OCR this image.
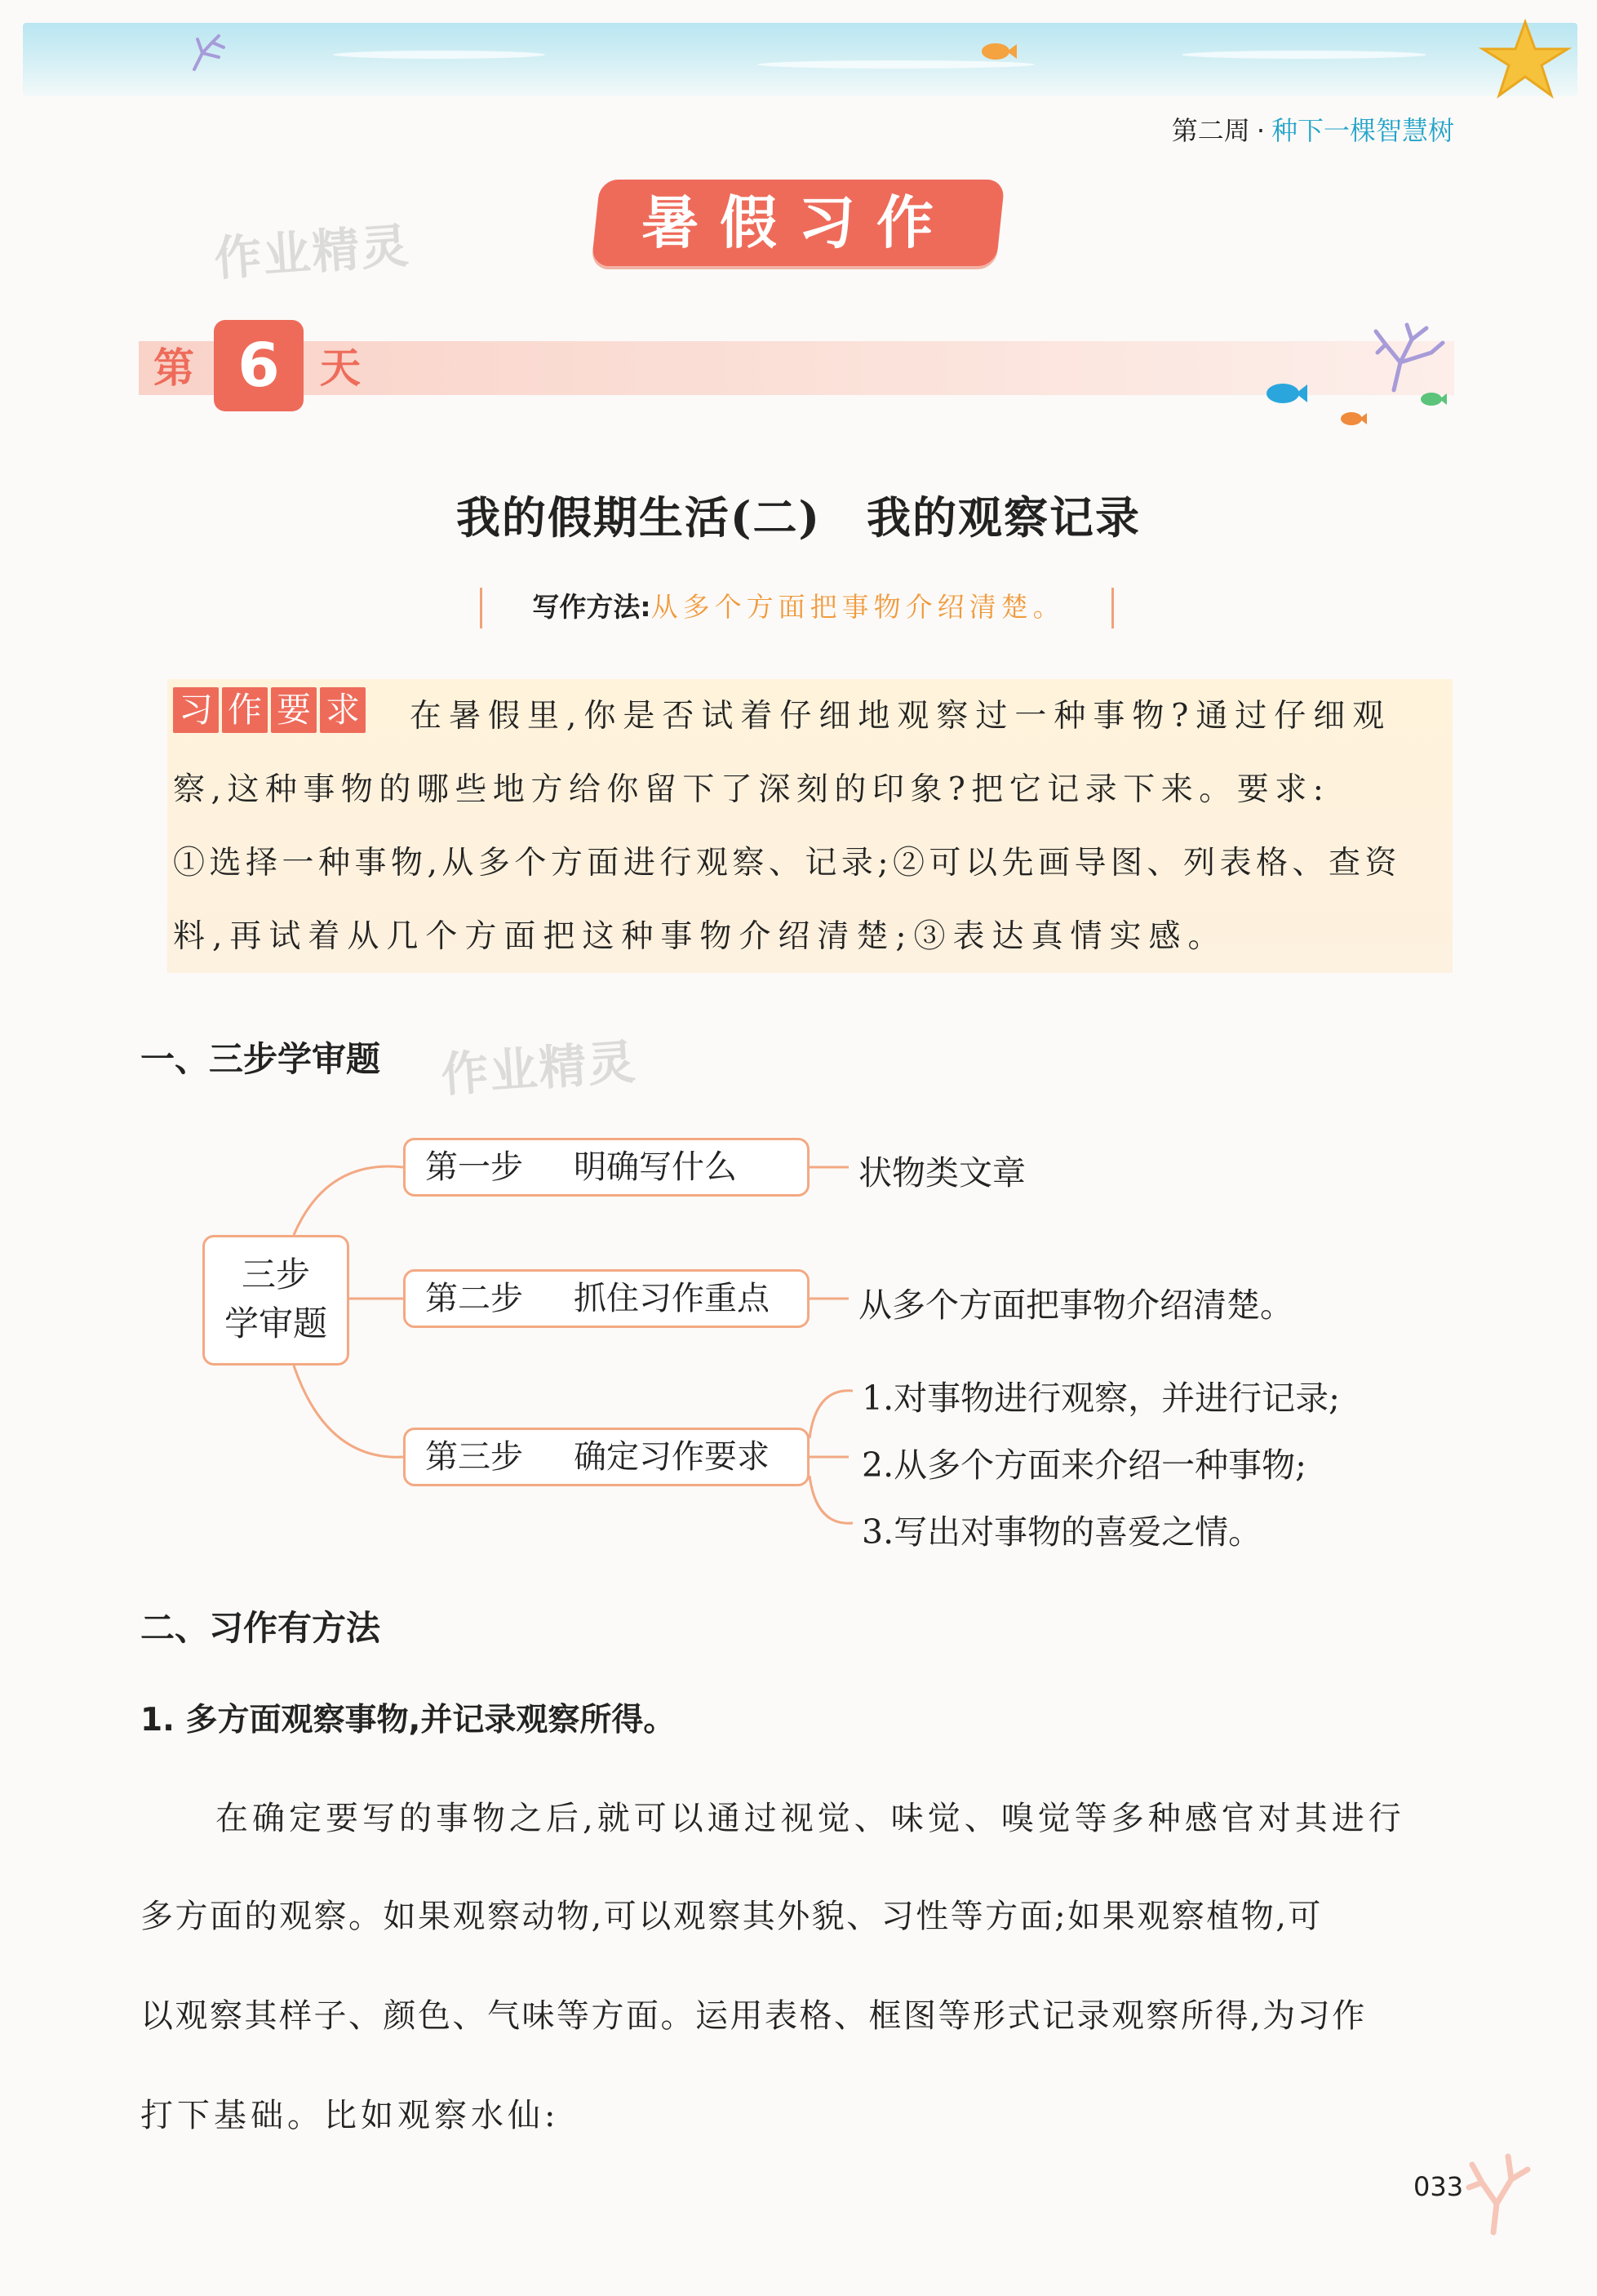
第二周 · 种下一棵智慧树
作业精灵
作业精灵
暑假习作
第 6 天
我的假期生活(二)　我的观察记录
写作方法:从多个方面把事物介绍清楚。
习 作 要 求 在暑假里,你是否试着仔细地观察过一种事物?通过仔细观
察,这种事物的哪些地方给你留下了深刻的印象?把它记录下来。要求:
①选择一种事物,从多个方面进行观察、记录;②可以先画导图、列表格、查资
料,再试着从几个方面把这种事物介绍清楚;③表达真情实感。
一、三步学审题
三步
学审题
第一步 明确写什么
第二步 抓住习作重点
第三步 确定习作要求
状物类文章
从多个方面把事物介绍清楚。
1.对事物进行观察，并进行记录;
2.从多个方面来介绍一种事物;
3.写出对事物的喜爱之情。
二、习作有方法
1. 多方面观察事物,并记录观察所得。
在确定要写的事物之后,就可以通过视觉、味觉、嗅觉等多种感官对其进行
多方面的观察。如果观察动物,可以观察其外貌、习性等方面;如果观察植物,可
以观察其样子、颜色、气味等方面。运用表格、框图等形式记录观察所得,为习作
打下基础。比如观察水仙:
033
